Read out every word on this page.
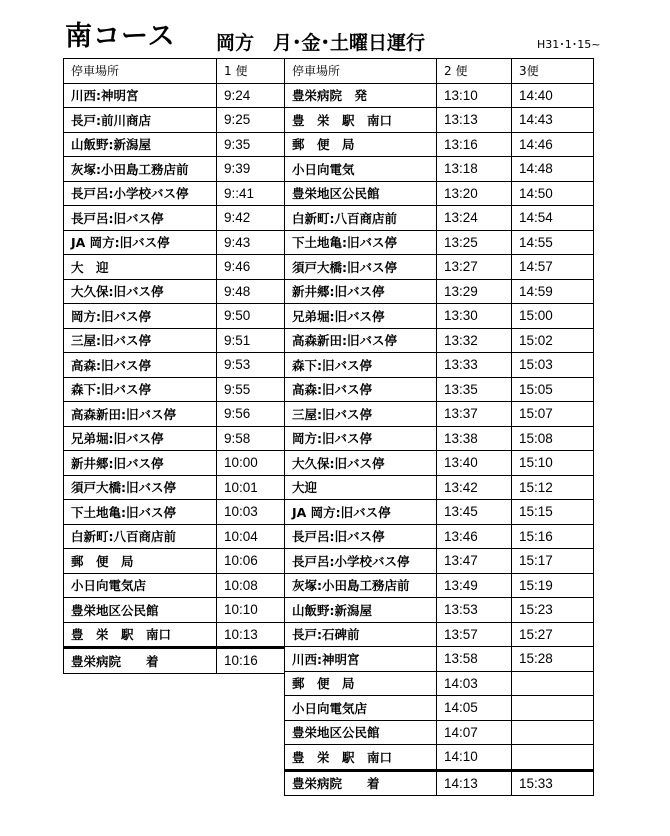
南コース 岡方　月･金･土曜日運行	H31･1･15~
停車場所	1 便
川西:神明宮	9:24
長戸:前川商店	9:25
山飯野:新潟屋	9:35
灰塚:小田島工務店前	9:39
長戸呂:小学校バス停	9::41
長戸呂:旧バス停	9:42
JA 岡方:旧バス停	9:43
大　迎	9:46
大久保:旧バス停	9:48
岡方:旧バス停	9:50
三屋:旧バス停	9:51
高森:旧バス停	9:53
森下:旧バス停	9:55
高森新田:旧バス停	9:56
兄弟堀:旧バス停	9:58
新井郷:旧バス停	10:00
須戸大橋:旧バス停	10:01
下土地亀:旧バス停	10:03
白新町:八百商店前	10:04
郵　便　局	10:06
小日向電気店	10:08
豊栄地区公民館	10:10
豊　栄　駅　南口	10:13
豊栄病院　　着	10:16
停車場所	2 便	3便
豊栄病院　発	13:10	14:40
豊　栄　駅　南口	13:13	14:43
郵　便　局	13:16	14:46
小日向電気	13:18	14:48
豊栄地区公民館	13:20	14:50
白新町:八百商店前	13:24	14:54
下土地亀:旧バス停	13:25	14:55
須戸大橋:旧バス停	13:27	14:57
新井郷:旧バス停	13:29	14:59
兄弟堀:旧バス停	13:30	15:00
高森新田:旧バス停	13:32	15:02
森下:旧バス停	13:33	15:03
高森:旧バス停	13:35	15:05
三屋:旧バス停	13:37	15:07
岡方:旧バス停	13:38	15:08
大久保:旧バス停	13:40	15:10
大迎	13:42	15:12
JA 岡方:旧バス停	13:45	15:15
長戸呂:旧バス停	13:46	15:16
長戸呂:小学校バス停	13:47	15:17
灰塚:小田島工務店前	13:49	15:19
山飯野:新潟屋	13:53	15:23
長戸:石碑前	13:57	15:27
川西:神明宮	13:58	15:28
郵　便　局	14:03	
小日向電気店	14:05	
豊栄地区公民館	14:07	
豊　栄　駅　南口	14:10	
豊栄病院　　着	14:13	15:33
